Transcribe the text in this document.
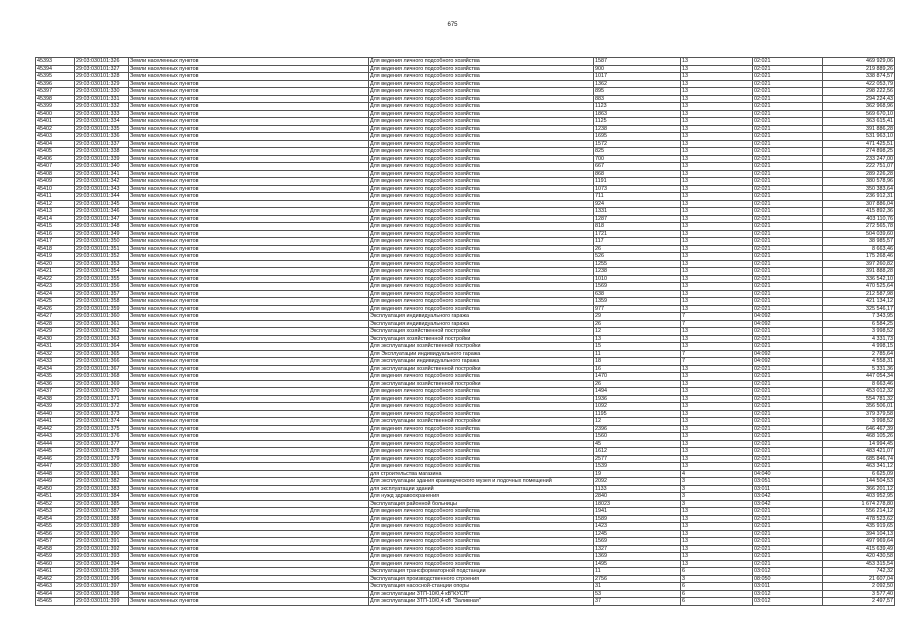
675
45393	29:03:030101:326	Земли населенных пунктов	Для ведения личного подсобного хозяйства	1587	13	02:021	469 929,06
45394	29:03:030101:327	Земли населенных пунктов	Для ведения личного подсобного хозяйства	900	13	02:021	219 889,26
45395	29:03:030101:328	Земли населенных пунктов	Для ведения личного подсобного хозяйства	1017	13	02:021	338 874,57
45396	29:03:030101:329	Земли населенных пунктов	Для ведения личного подсобного хозяйства	1362	13	02:021	422 053,79
45397	29:03:030101:330	Земли населенных пунктов	Для ведения личного подсобного хозяйства	895	13	02:021	298 222,56
45398	29:03:030101:331	Земли населенных пунктов	Для ведения личного подсобного хозяйства	883	13	02:021	294 224,43
45399	29:03:030101:332	Земли населенных пунктов	Для ведения личного подсобного хозяйства	1123	13	02:021	362 968,96
45400	29:03:030101:333	Земли населенных пунктов	Для ведения личного подсобного хозяйства	1863	13	02:021	569 670,10
45401	29:03:030101:334	Земли населенных пунктов	Для ведения личного подсобного хозяйства	1125	13	02:021	363 615,41
45402	29:03:030101:335	Земли населенных пунктов	Для ведения личного подсобного хозяйства	1238	13	02:021	391 886,28
45403	29:03:030101:336	Земли населенных пунктов	Для ведения личного подсобного хозяйства	1695	13	02:021	531 963,10
45404	29:03:030101:337	Земли населенных пунктов	Для ведения личного подсобного хозяйства	1572	13	02:021	471 425,51
45405	29:03:030101:338	Земли населенных пунктов	Для ведения личного подсобного хозяйства	825	13	02:021	274 898,25
45406	29:03:030101:339	Земли населенных пунктов	Для ведения личного подсобного хозяйства	700	13	02:021	233 247,00
45407	29:03:030101:340	Земли населенных пунктов	Для ведения личного подсобного хозяйства	667	13	02:021	222 751,07
45408	29:03:030101:341	Земли населенных пунктов	Для ведения личного подсобного хозяйства	868	13	02:021	289 226,28
45409	29:03:030101:342	Земли населенных пунктов	Для ведения личного подсобного хозяйства	1191	13	02:021	380 578,96
45410	29:03:030101:343	Земли населенных пунктов	Для ведения личного подсобного хозяйства	1073	13	02:021	350 383,64
45411	29:03:030101:344	Земли населенных пунктов	Для ведения личного подсобного хозяйства	711	13	02:021	236 912,31
45412	29:03:030101:345	Земли населенных пунктов	Для ведения личного подсобного хозяйства	924	13	02:021	307 886,04
45413	29:03:030101:346	Земли населенных пунктов	Для ведения личного подсобного хозяйства	1331	13	02:021	415 892,36
45414	29:03:030101:347	Земли населенных пунктов	Для ведения личного подсобного хозяйства	1287	13	02:021	403 110,76
45415	29:03:030101:348	Земли населенных пунктов	Для ведения личного подсобного хозяйства	818	13	02:021	272 565,78
45416	29:03:030101:349	Земли населенных пунктов	Для ведения личного подсобного хозяйства	1721	13	02:021	504 039,60
45417	29:03:030101:350	Земли населенных пунктов	Для ведения личного подсобного хозяйства	117	13	02:021	38 985,57
45418	29:03:030101:351	Земли населенных пунктов	Для ведения личного подсобного хозяйства	26	13	02:021	8 663,46
45419	29:03:030101:352	Земли населенных пунктов	Для ведения личного подсобного хозяйства	526	13	02:021	175 268,46
45420	29:03:030101:353	Земли населенных пунктов	Для ведения личного подсобного хозяйства	1255	13	02:021	397 260,82
45421	29:03:030101:354	Земли населенных пунктов	Для ведения личного подсобного хозяйства	1238	13	02:021	391 888,28
45422	29:03:030101:355	Земли населенных пунктов	Для ведения личного подсобного хозяйства	1010	13	02:021	336 542,10
45423	29:03:030101:356	Земли населенных пунктов	Для ведения личного подсобного хозяйства	1569	13	02:021	470 525,64
45424	29:03:030101:357	Земли населенных пунктов	Для ведения личного подсобного хозяйства	638	13	02:021	212 587,98
45425	29:03:030101:358	Земли населенных пунктов	Для ведения личного подсобного хозяйства	1359	13	02:021	421 134,12
45426	29:03:030101:359	Земли населенных пунктов	Для ведения личного подсобного хозяйства	977	13	02:021	325 546,17
45427	29:03:030101:360	Земли населенных пунктов	Эксплуатация индивидуального гаража	29	7	04:092	7 343,95
45428	29:03:030101:361	Земли населенных пунктов	Эксплуатация индивидуального гаража	26	7	04:092	6 584,25
45429	29:03:030101:362	Земли населенных пунктов	Эксплуатация хозяйственной постройки	12	13	02:021	3 998,52
45430	29:03:030101:363	Земли населенных пунктов	Эксплуатация хозяйственной постройки	13	13	02:021	4 331,73
45431	29:03:030101:364	Земли населенных пунктов	Для эксплуатации хозяйственной постройки	15	13	02:021	4 998,15
45432	29:03:030101:365	Земли населенных пунктов	Для Эксплуатации индивидуального гаража	11	7	04:092	2 785,64
45433	29:03:030101:366	Земли населенных пунктов	Для эксплуатации индивидуального гаража	18	7	04:092	4 558,31
45434	29:03:030101:367	Земли населенных пунктов	Для эксплуатации хозяйственной постройки	16	13	02:021	5 331,36
45435	29:03:030101:368	Земли населенных пунктов	Для ведения личного подсобного хозяйства	1470	13	02:021	447 054,34
45436	29:03:030101:369	Земли населенных пунктов	Для эксплуатации хозяйственной постройки	26	13	02:021	8 663,46
45437	29:03:030101:370	Земли населенных пунктов	Для ведения личного подсобного хозяйства	1494	13	02:021	453 012,32
45438	29:03:030101:371	Земли населенных пунктов	Для ведения личного подсобного хозяйства	1936	13	02:021	554 781,32
45439	29:03:030101:372	Земли населенных пунктов	Для ведения личного подсобного хозяйства	1092	13	02:021	356 506,01
45440	29:03:030101:373	Земли населенных пунктов	Для ведения личного подсобного хозяйства	1195	13	02:021	379 379,58
45441	29:03:030101:374	Земли населенных пунктов	Для эксплуатации хозяйственной постройки	12	13	02:021	3 998,52
45442	29:03:030101:375	Земли населенных пунктов	Для ведения личного подсобного хозяйства	2396	13	02:021	646 467,39
45443	29:03:030101:376	Земли населенных пунктов	Для ведения личного подсобного хозяйства	1560	13	02:021	468 105,26
45444	29:03:030101:377	Земли населенных пунктов	Для ведения личного подсобного хозяйства	45	13	02:021	14 994,45
45445	29:03:030101:378	Земли населенных пунктов	Для ведения личного подсобного хозяйства	1612	13	02:021	483 421,07
45446	29:03:030101:379	Земли населенных пунктов	Для ведения личного подсобного хозяйства	2577	13	02:021	685 846,74
45447	29:03:030101:380	Земли населенных пунктов	Для ведения личного подсобного хозяйства	1539	13	02:021	463 341,12
45448	29:03:030101:381	Земли населенных пунктов	для строительства магазина	19	4	04:040	6 625,09
45449	29:03:030101:382	Земли населенных пунктов	Для эксплуатации здания краеведческого музея и лодочных помещений	2092	3	03:051	144 504,53
45450	29:03:030101:383	Земли населенных пунктов	для эксплуатации зданий	1133	3	03:011	366 201,12
45451	29:03:030101:384	Земли населенных пунктов	Для нужд здравоохранения	2840	3	03:042	403 952,95
45452	29:03:030101:385	Земли населенных пунктов	Эксплуатация районной больницы	18023	3	03:042	1 674 278,80
45453	29:03:030101:387	Земли населенных пунктов	Для ведения личного подсобного хозяйства	1941	13	02:021	556 214,12
45454	29:03:030101:388	Земли населенных пунктов	Для ведения личного подсобного хозяйства	1589	13	02:021	478 523,62
45455	29:03:030101:389	Земли населенных пунктов	Для ведения личного подсобного хозяйства	1423	13	02:021	435 919,65
45456	29:03:030101:390	Земли населенных пунктов	Для ведения личного подсобного хозяйства	1245	13	02:021	394 104,13
45457	29:03:030101:391	Земли населенных пунктов	Для ведения личного подсобного хозяйства	1569	13	02:021	497 969,64
45458	29:03:030101:392	Земли населенных пунктов	Для ведения личного подсобного хозяйства	1327	13	02:021	415 639,49
45459	29:03:030101:393	Земли населенных пунктов	Для ведения личного подсобного хозяйства	1369	13	02:021	420 430,58
45460	29:03:030101:394	Земли населенных пунктов	Для ведения личного подсобного хозяйства	1495	13	02:021	453 315,54
45461	29:03:030101:395	Земли населенных пунктов	Эксплуатация трансформаторной подстанции	11	6	03:012	742,32
45462	29:03:030101:396	Земли населенных пунктов	Эксплуатация производственного строения	2756	3	08:050	21 607,04
45463	29:03:030101:397	Земли населенных пунктов	Эксплуатация насосной-станции опоры	31	6	03:011	2 092,50
45464	29:03:030101:398	Земли населенных пунктов	Для эксплуатации ЗТП-10/0,4 кВ"КУСП"	53	6	03:012	3 577,40
45465	29:03:030101:399	Земли населенных пунктов	Для эксплуатации ЗТП-10/0,4 кВ "Заливная"	37	6	03:012	2 497,57
